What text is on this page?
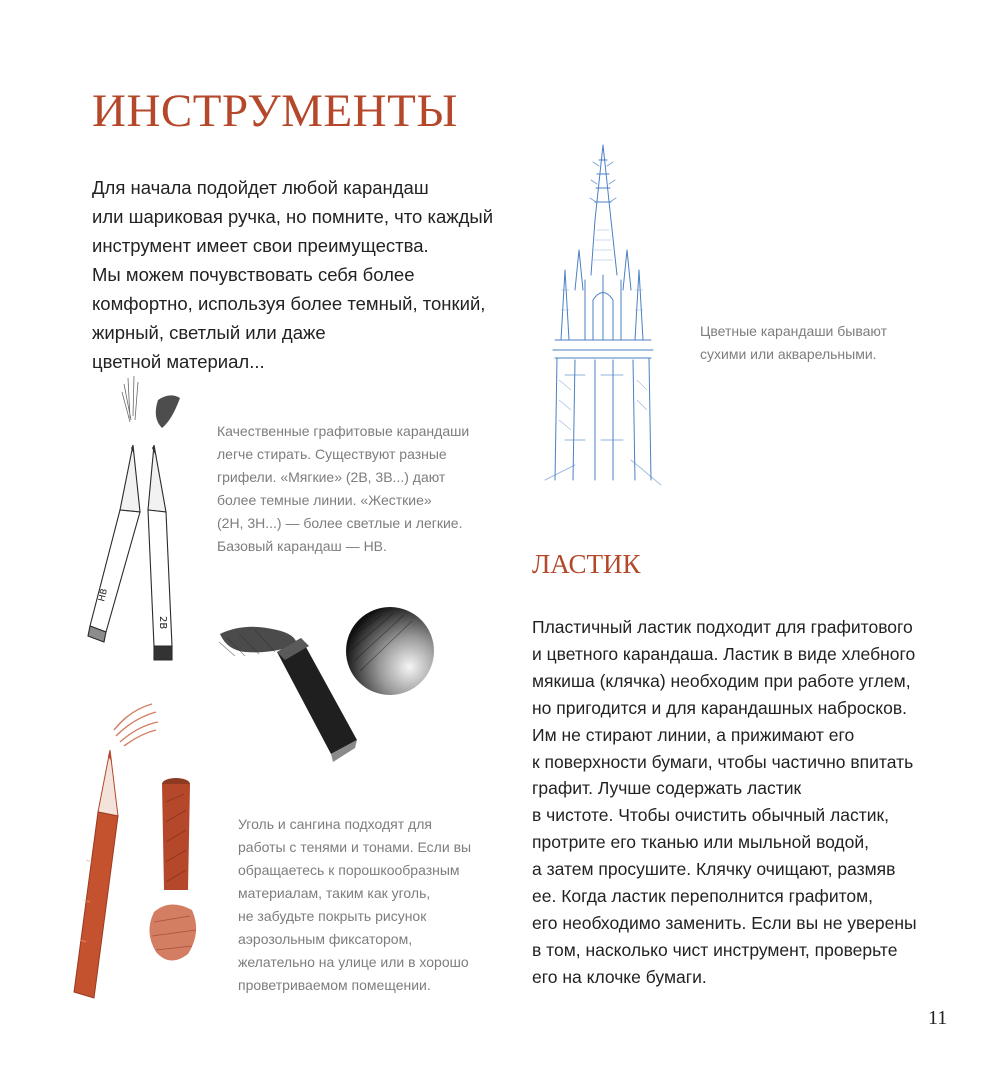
ИНСТРУМЕНТЫ

Для начала подойдет любой карандаш
или шариковая ручка, но помните, что каждый
инструмент имеет свои преимущества.
Мы можем почувствовать себя более
комфортно, используя более темный, тонкий,
жирный, светлый или даже
цветной материал...

Цветные карандаши бывают
сухими или акварельными.

HB
2B

Качественные графитовые карандаши
легче стирать. Существуют разные
грифели. «Мягкие» (2B, 3B...) дают
более темные линии. «Жесткие»
(2H, 3H...) — более светлые и легкие.
Базовый карандаш — HB.

Уголь и сангина подходят для
работы с тенями и тонами. Если вы
обращаетесь к порошкообразным
материалам, таким как уголь,
не забудьте покрыть рисунок
аэрозольным фиксатором,
желательно на улице или в хорошо
проветриваемом помещении.

ЛАСТИК

Пластичный ластик подходит для графитового
и цветного карандаша. Ластик в виде хлебного
мякиша (клячка) необходим при работе углем,
но пригодится и для карандашных набросков.
Им не стирают линии, а прижимают его
к поверхности бумаги, чтобы частично впитать
графит. Лучше содержать ластик
в чистоте. Чтобы очистить обычный ластик,
протрите его тканью или мыльной водой,
а затем просушите. Клячку очищают, размяв
ее. Когда ластик переполнится графитом,
его необходимо заменить. Если вы не уверены
в том, насколько чист инструмент, проверьте
его на клочке бумаги.

11
